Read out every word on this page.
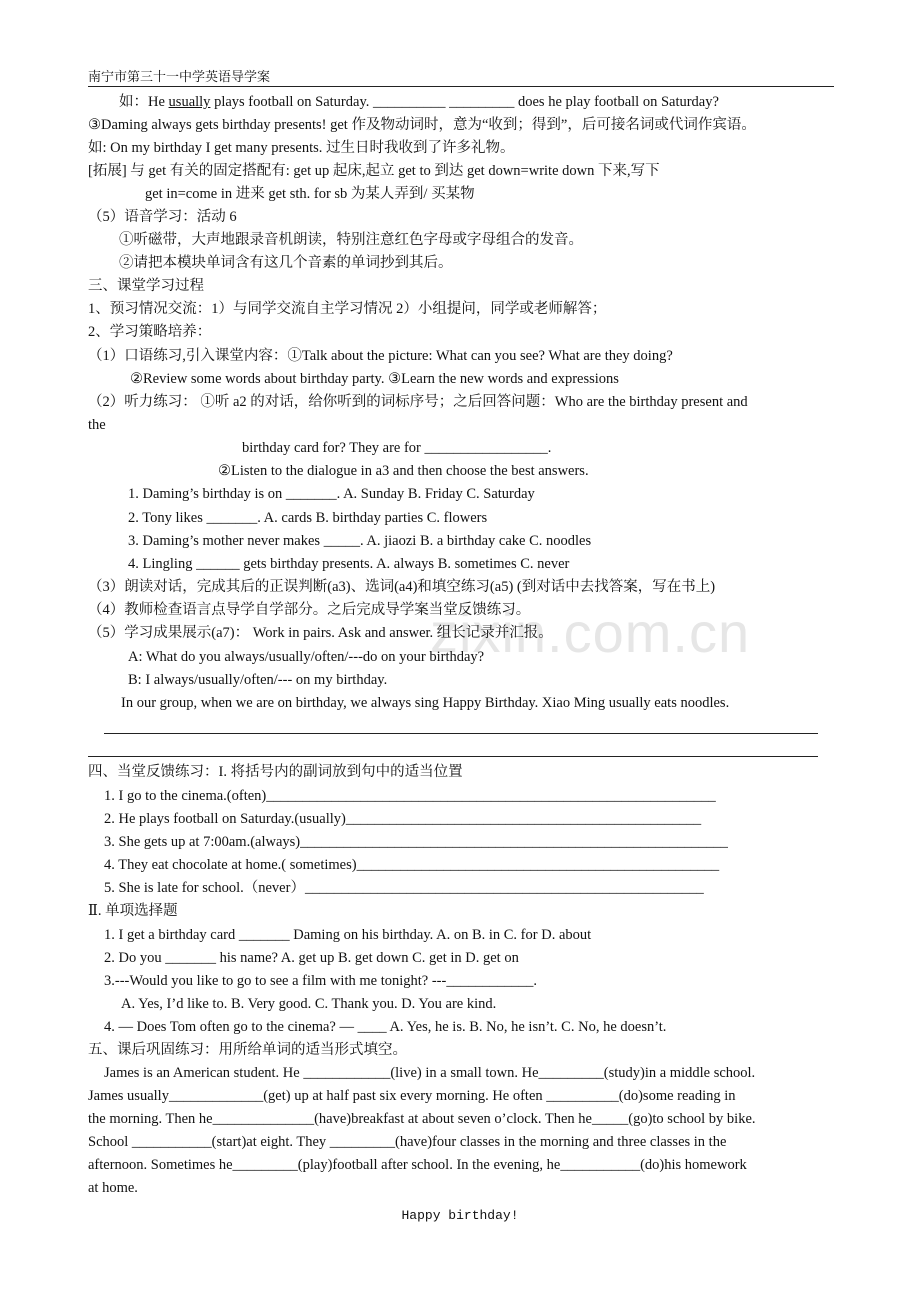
zixin.com.cn
南宁市第三十一中学英语导学案
如：He usually plays football on Saturday. __________ _________ does he play football on Saturday?
③Daming always gets birthday presents! get 作及物动词时，意为“收到；得到”，后可接名词或代词作宾语。
如: On my birthday I get many presents. 过生日时我收到了许多礼物。
[拓展] 与 get 有关的固定搭配有: get up 起床,起立 get to 到达 get down=write down 下来,写下
get in=come in 进来 get sth. for sb 为某人弄到/ 买某物
（5）语音学习：活动 6
①听磁带，大声地跟录音机朗读，特别注意红色字母或字母组合的发音。
②请把本模块单词含有这几个音素的单词抄到其后。
三、课堂学习过程
1、预习情况交流：1）与同学交流自主学习情况 2）小组提问，同学或老师解答；
2、学习策略培养：
（1）口语练习,引入课堂内容：①Talk about the picture: What can you see? What are they doing?
②Review some words about birthday party. ③Learn the new words and expressions
（2）听力练习： ①听 a2 的对话，给你听到的词标序号；之后回答问题：Who are the birthday present and
the
birthday card for? They are for _________________.
②Listen to the dialogue in a3 and then choose the best answers.
1. Daming’s birthday is on _______. A. Sunday B. Friday C. Saturday
2. Tony likes _______. A. cards B. birthday parties C. flowers
3. Daming’s mother never makes _____. A. jiaozi B. a birthday cake C. noodles
4. Lingling ______ gets birthday presents. A. always B. sometimes C. never
（3）朗读对话，完成其后的正误判断(a3)、选词(a4)和填空练习(a5) (到对话中去找答案，写在书上)
（4）教师检查语言点导学自学部分。之后完成导学案当堂反馈练习。
（5）学习成果展示(a7)： Work in pairs. Ask and answer. 组长记录并汇报。
A: What do you always/usually/often/---do on your birthday?
B: I always/usually/often/--- on my birthday.
In our group, when we are on birthday, we always sing Happy Birthday. Xiao Ming usually eats noodles.
四、当堂反馈练习：I. 将括号内的副词放到句中的适当位置
1. I go to the cinema.(often)______________________________________________________________
2. He plays football on Saturday.(usually)_________________________________________________
3. She gets up at 7:00am.(always)___________________________________________________________
4. They eat chocolate at home.( sometimes)__________________________________________________
5. She is late for school.（never）_______________________________________________________
Ⅱ. 单项选择题
1. I get a birthday card _______ Daming on his birthday. A. on B. in C. for D. about
2. Do you _______ his name? A. get up B. get down C. get in D. get on
3.---Would you like to go to see a film with me tonight? ---____________.
A. Yes, I’d like to. B. Very good. C. Thank you. D. You are kind.
4. — Does Tom often go to the cinema? — ____ A. Yes, he is. B. No, he isn’t. C. No, he doesn’t.
五、课后巩固练习：用所给单词的适当形式填空。
James is an American student. He ____________(live) in a small town. He_________(study)in a middle school.
James usually_____________(get) up at half past six every morning. He often __________(do)some reading in
the morning. Then he______________(have)breakfast at about seven o’clock. Then he_____(go)to school by bike.
School ___________(start)at eight. They _________(have)four classes in the morning and three classes in the
afternoon. Sometimes he_________(play)football after school. In the evening, he___________(do)his homework
at home.
Happy birthday!
